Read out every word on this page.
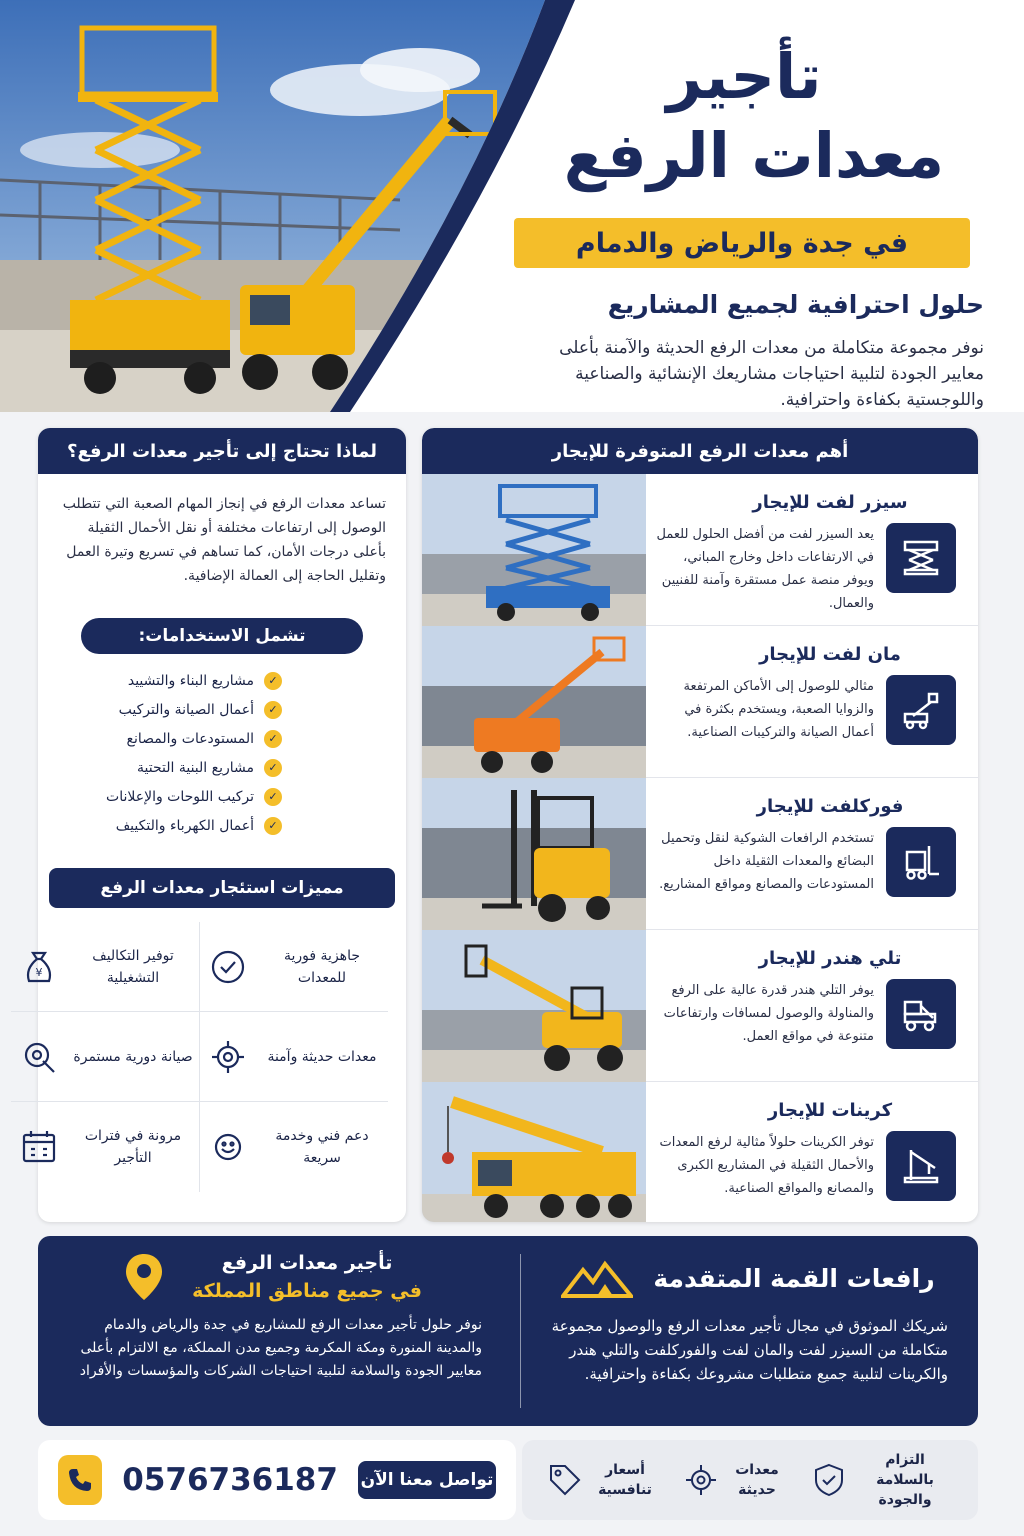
تأجير
معدات الرفع
في جدة والرياض والدمام
حلول احترافية لجميع المشاريع

نوفر مجموعة متكاملة من معدات الرفع الحديثة والآمنة بأعلى معايير الجودة لتلبية احتياجات مشاريعك الإنشائية والصناعية واللوجستية بكفاءة واحترافية.

أهم معدات الرفع المتوفرة للإيجار
سيزر لفت للإيجار

يعد السيزر لفت من أفضل الحلول للعمل في الارتفاعات داخل وخارج المباني، ويوفر منصة عمل مستقرة وآمنة للفنيين والعمال.

مان لفت للإيجار

مثالي للوصول إلى الأماكن المرتفعة والزوايا الصعبة، ويستخدم بكثرة في أعمال الصيانة والتركيبات الصناعية.

فوركلفت للإيجار

تستخدم الرافعات الشوكية لنقل وتحميل البضائع والمعدات الثقيلة داخل المستودعات والمصانع ومواقع المشاريع.

تلي هندر للإيجار

يوفر التلي هندر قدرة عالية على الرفع والمناولة والوصول لمسافات وارتفاعات متنوعة في مواقع العمل.

كرينات للإيجار

توفر الكرينات حلولاً مثالية لرفع المعدات والأحمال الثقيلة في المشاريع الكبرى والمصانع والمواقع الصناعية.

لماذا تحتاج إلى تأجير معدات الرفع؟

تساعد معدات الرفع في إنجاز المهام الصعبة التي تتطلب الوصول إلى ارتفاعات مختلفة أو نقل الأحمال الثقيلة بأعلى درجات الأمان، كما تساهم في تسريع وتيرة العمل وتقليل الحاجة إلى العمالة الإضافية.

تشمل الاستخدامات:
✓
مشاريع البناء والتشييد
✓
أعمال الصيانة والتركيب
✓
المستودعات والمصانع
✓
مشاريع البنية التحتية
✓
تركيب اللوحات والإعلانات
✓
أعمال الكهرباء والتكييف
مميزات استئجار معدات الرفع
جاهزية فورية للمعدات
توفير التكاليف التشغيلية
¥
معدات حديثة وآمنة
صيانة دورية مستمرة
دعم فني وخدمة سريعة
مرونة في فترات التأجير
رافعات القمة المتقدمة

شريكك الموثوق في مجال تأجير معدات الرفع والوصول مجموعة متكاملة من السيزر لفت والمان لفت والفوركلفت والتلي هندر والكرينات لتلبية جميع متطلبات مشروعك بكفاءة واحترافية.

تأجير معدات الرفع
في جميع مناطق المملكة

نوفر حلول تأجير معدات الرفع للمشاريع في جدة والرياض والدمام والمدينة المنورة ومكة المكرمة وجميع مدن المملكة، مع الالتزام بأعلى معايير الجودة والسلامة لتلبية احتياجات الشركات والمؤسسات والأفراد

التزام بالسلامة والجودة
معدات حديثة
أسعار تنافسية
تواصل معنا الآن
0576736187
